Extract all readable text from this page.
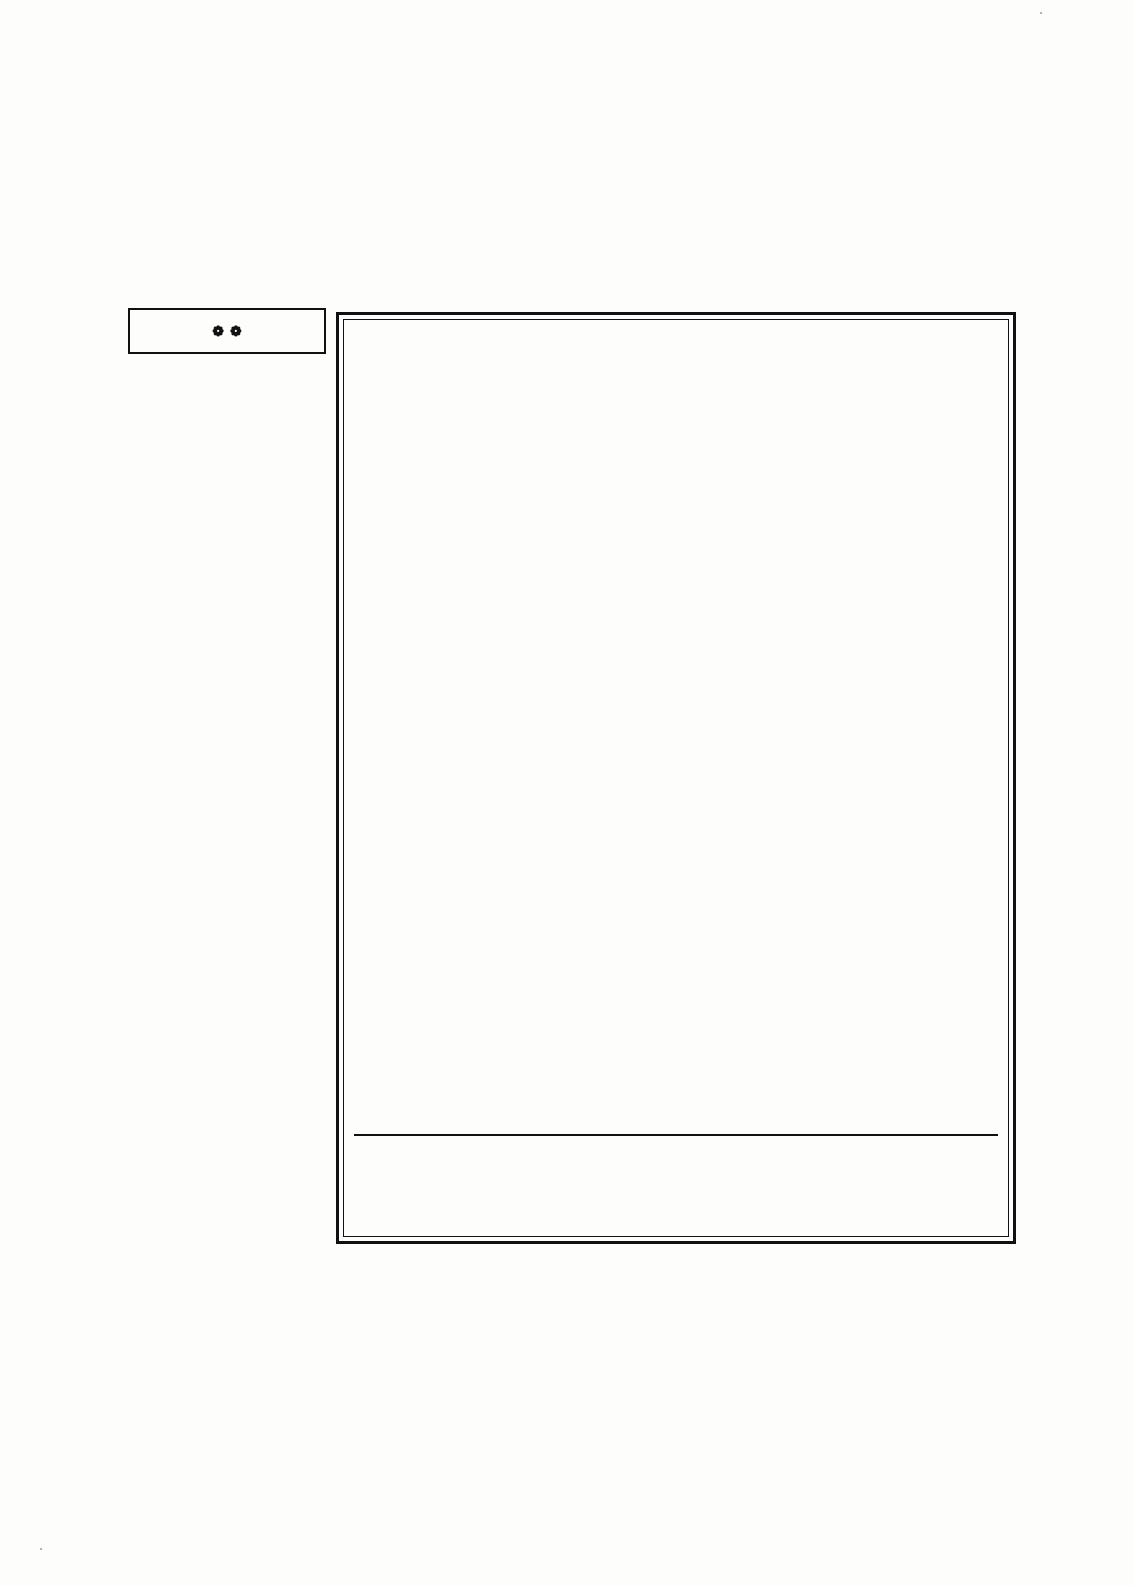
❁ ❁
